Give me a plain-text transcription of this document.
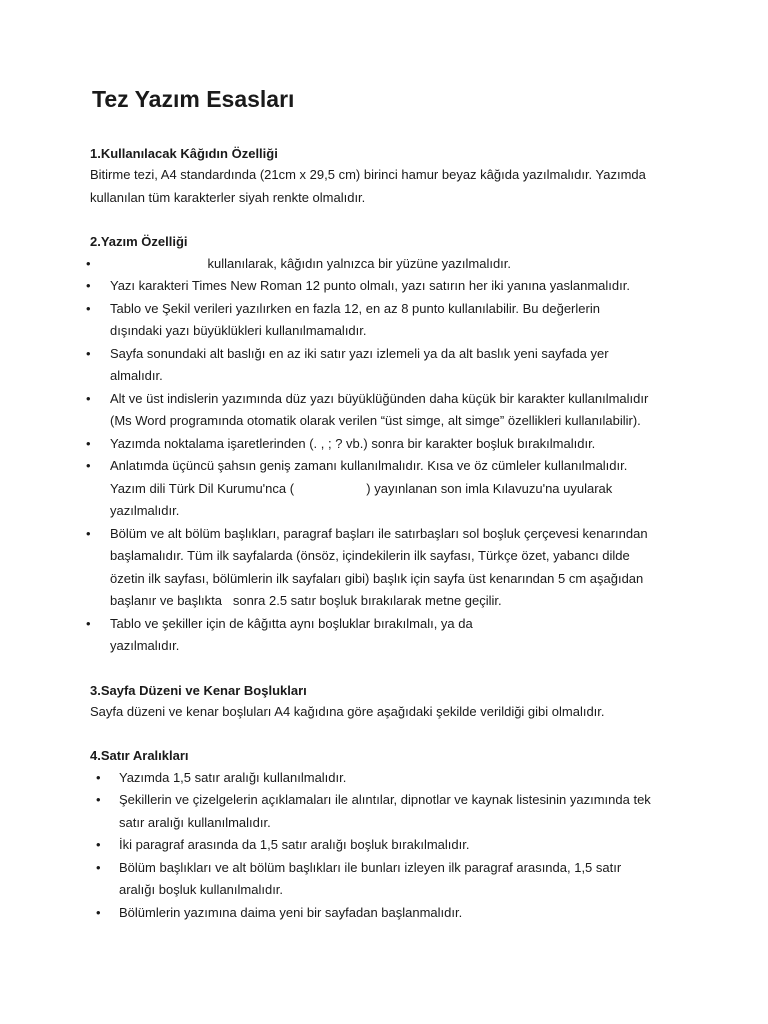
Tez Yazım Esasları
1.Kullanılacak Kâğıdın Özelliği
Bitirme tezi, A4 standardında (21cm x 29,5 cm) birinci hamur beyaz kâğıda yazılmalıdır. Yazımda
kullanılan tüm karakterler siyah renkte olmalıdır.
2.Yazım Özelliği
• kullanılarak, kâğıdın yalnızca bir yüzüne yazılmalıdır.
• Yazı karakteri Times New Roman 12 punto olmalı, yazı satırın her iki yanına yaslanmalıdır.
• Tablo ve Şekil verileri yazılırken en fazla 12, en az 8 punto kullanılabilir. Bu değerlerin
dışındaki yazı büyüklükleri kullanılmamalıdır.
• Sayfa sonundaki alt baslığı en az iki satır yazı izlemeli ya da alt baslık yeni sayfada yer
almalıdır.
• Alt ve üst indislerin yazımında düz yazı büyüklüğünden daha küçük bir karakter kullanılmalıdır
(Ms Word programında otomatik olarak verilen “üst simge, alt simge” özellikleri kullanılabilir).
• Yazımda noktalama işaretlerinden (. , ; ? vb.) sonra bir karakter boşluk bırakılmalıdır.
• Anlatımda üçüncü şahsın geniş zamanı kullanılmalıdır. Kısa ve öz cümleler kullanılmalıdır.
Yazım dili Türk Dil Kurumu'nca (                    ) yayınlanan son imla Kılavuzu'na uyularak
yazılmalıdır.
• Bölüm ve alt bölüm başlıkları, paragraf başları ile satırbaşları sol boşluk çerçevesi kenarından
başlamalıdır. Tüm ilk sayfalarda (önsöz, içindekilerin ilk sayfası, Türkçe özet, yabancı dilde
özetin ilk sayfası, bölümlerin ilk sayfaları gibi) başlık için sayfa üst kenarından 5 cm aşağıdan
başlanır ve başlıkta   sonra 2.5 satır boşluk bırakılarak metne geçilir.
• Tablo ve şekiller için de kâğıtta aynı boşluklar bırakılmalı, ya da
yazılmalıdır.
3.Sayfa Düzeni ve Kenar Boşlukları
Sayfa düzeni ve kenar boşluları A4 kağıdına göre aşağıdaki şekilde verildiği gibi olmalıdır.
4.Satır Aralıkları
• Yazımda 1,5 satır aralığı kullanılmalıdır.
• Şekillerin ve çizelgelerin açıklamaları ile alıntılar, dipnotlar ve kaynak listesinin yazımında tek
satır aralığı kullanılmalıdır.
• İki paragraf arasında da 1,5 satır aralığı boşluk bırakılmalıdır.
• Bölüm başlıkları ve alt bölüm başlıkları ile bunları izleyen ilk paragraf arasında, 1,5 satır
aralığı boşluk kullanılmalıdır.
• Bölümlerin yazımına daima yeni bir sayfadan başlanmalıdır.
